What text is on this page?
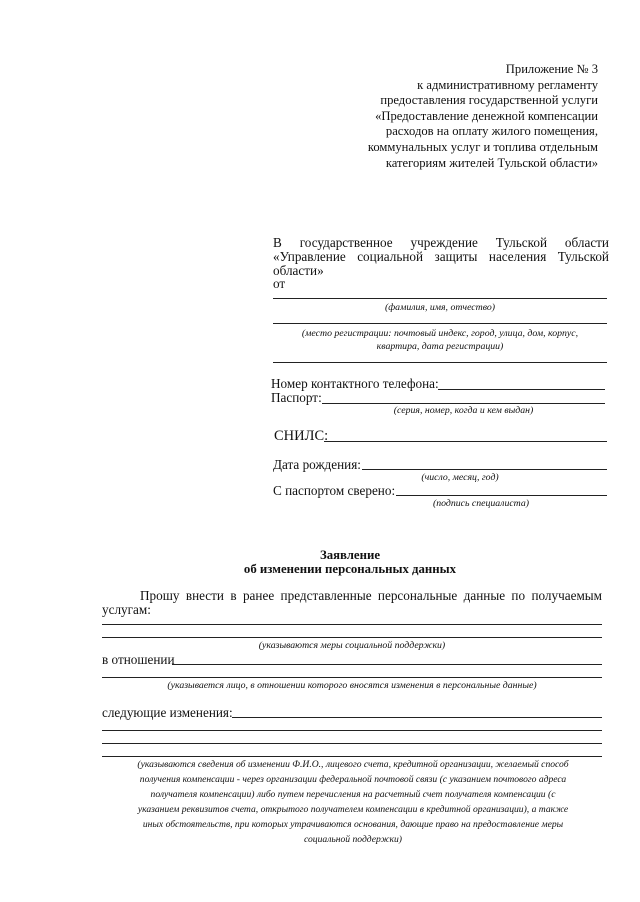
Приложение № 3
к административному регламенту
предоставления государственной услуги
«Предоставление денежной компенсации
расходов на оплату жилого помещения,
коммунальных услуг и топлива отдельным
категориям жителей Тульской области»
В государственное учреждение Тульской области
«Управление социальной защиты населения Тульской
области»
от
(фамилия, имя, отчество)
(место регистрации: почтовый индекс, город, улица, дом, корпус,
квартира, дата регистрации)
Номер контактного телефона:
Паспорт:
(серия, номер, когда и кем выдан)
СНИЛС:
Дата рождения:
(число, месяц, год)
С паспортом сверено:
(подпись специалиста)
Заявление
об изменении персональных данных
Прошу внести в ранее представленные персональные данные по получаемым
услугам:
(указываются меры социальной поддержки)
в отношении
(указывается лицо, в отношении которого вносятся изменения в персональные данные)
следующие изменения:
(указываются сведения об изменении Ф.И.О., лицевого счета, кредитной организации, желаемый способ
получения компенсации - через организации федеральной почтовой связи (с указанием почтового адреса
получателя компенсации) либо путем перечисления на расчетный счет получателя компенсации (с
указанием реквизитов счета, открытого получателем компенсации в кредитной организации), а также
иных обстоятельств, при которых утрачиваются основания, дающие право на предоставление меры
социальной поддержки)
